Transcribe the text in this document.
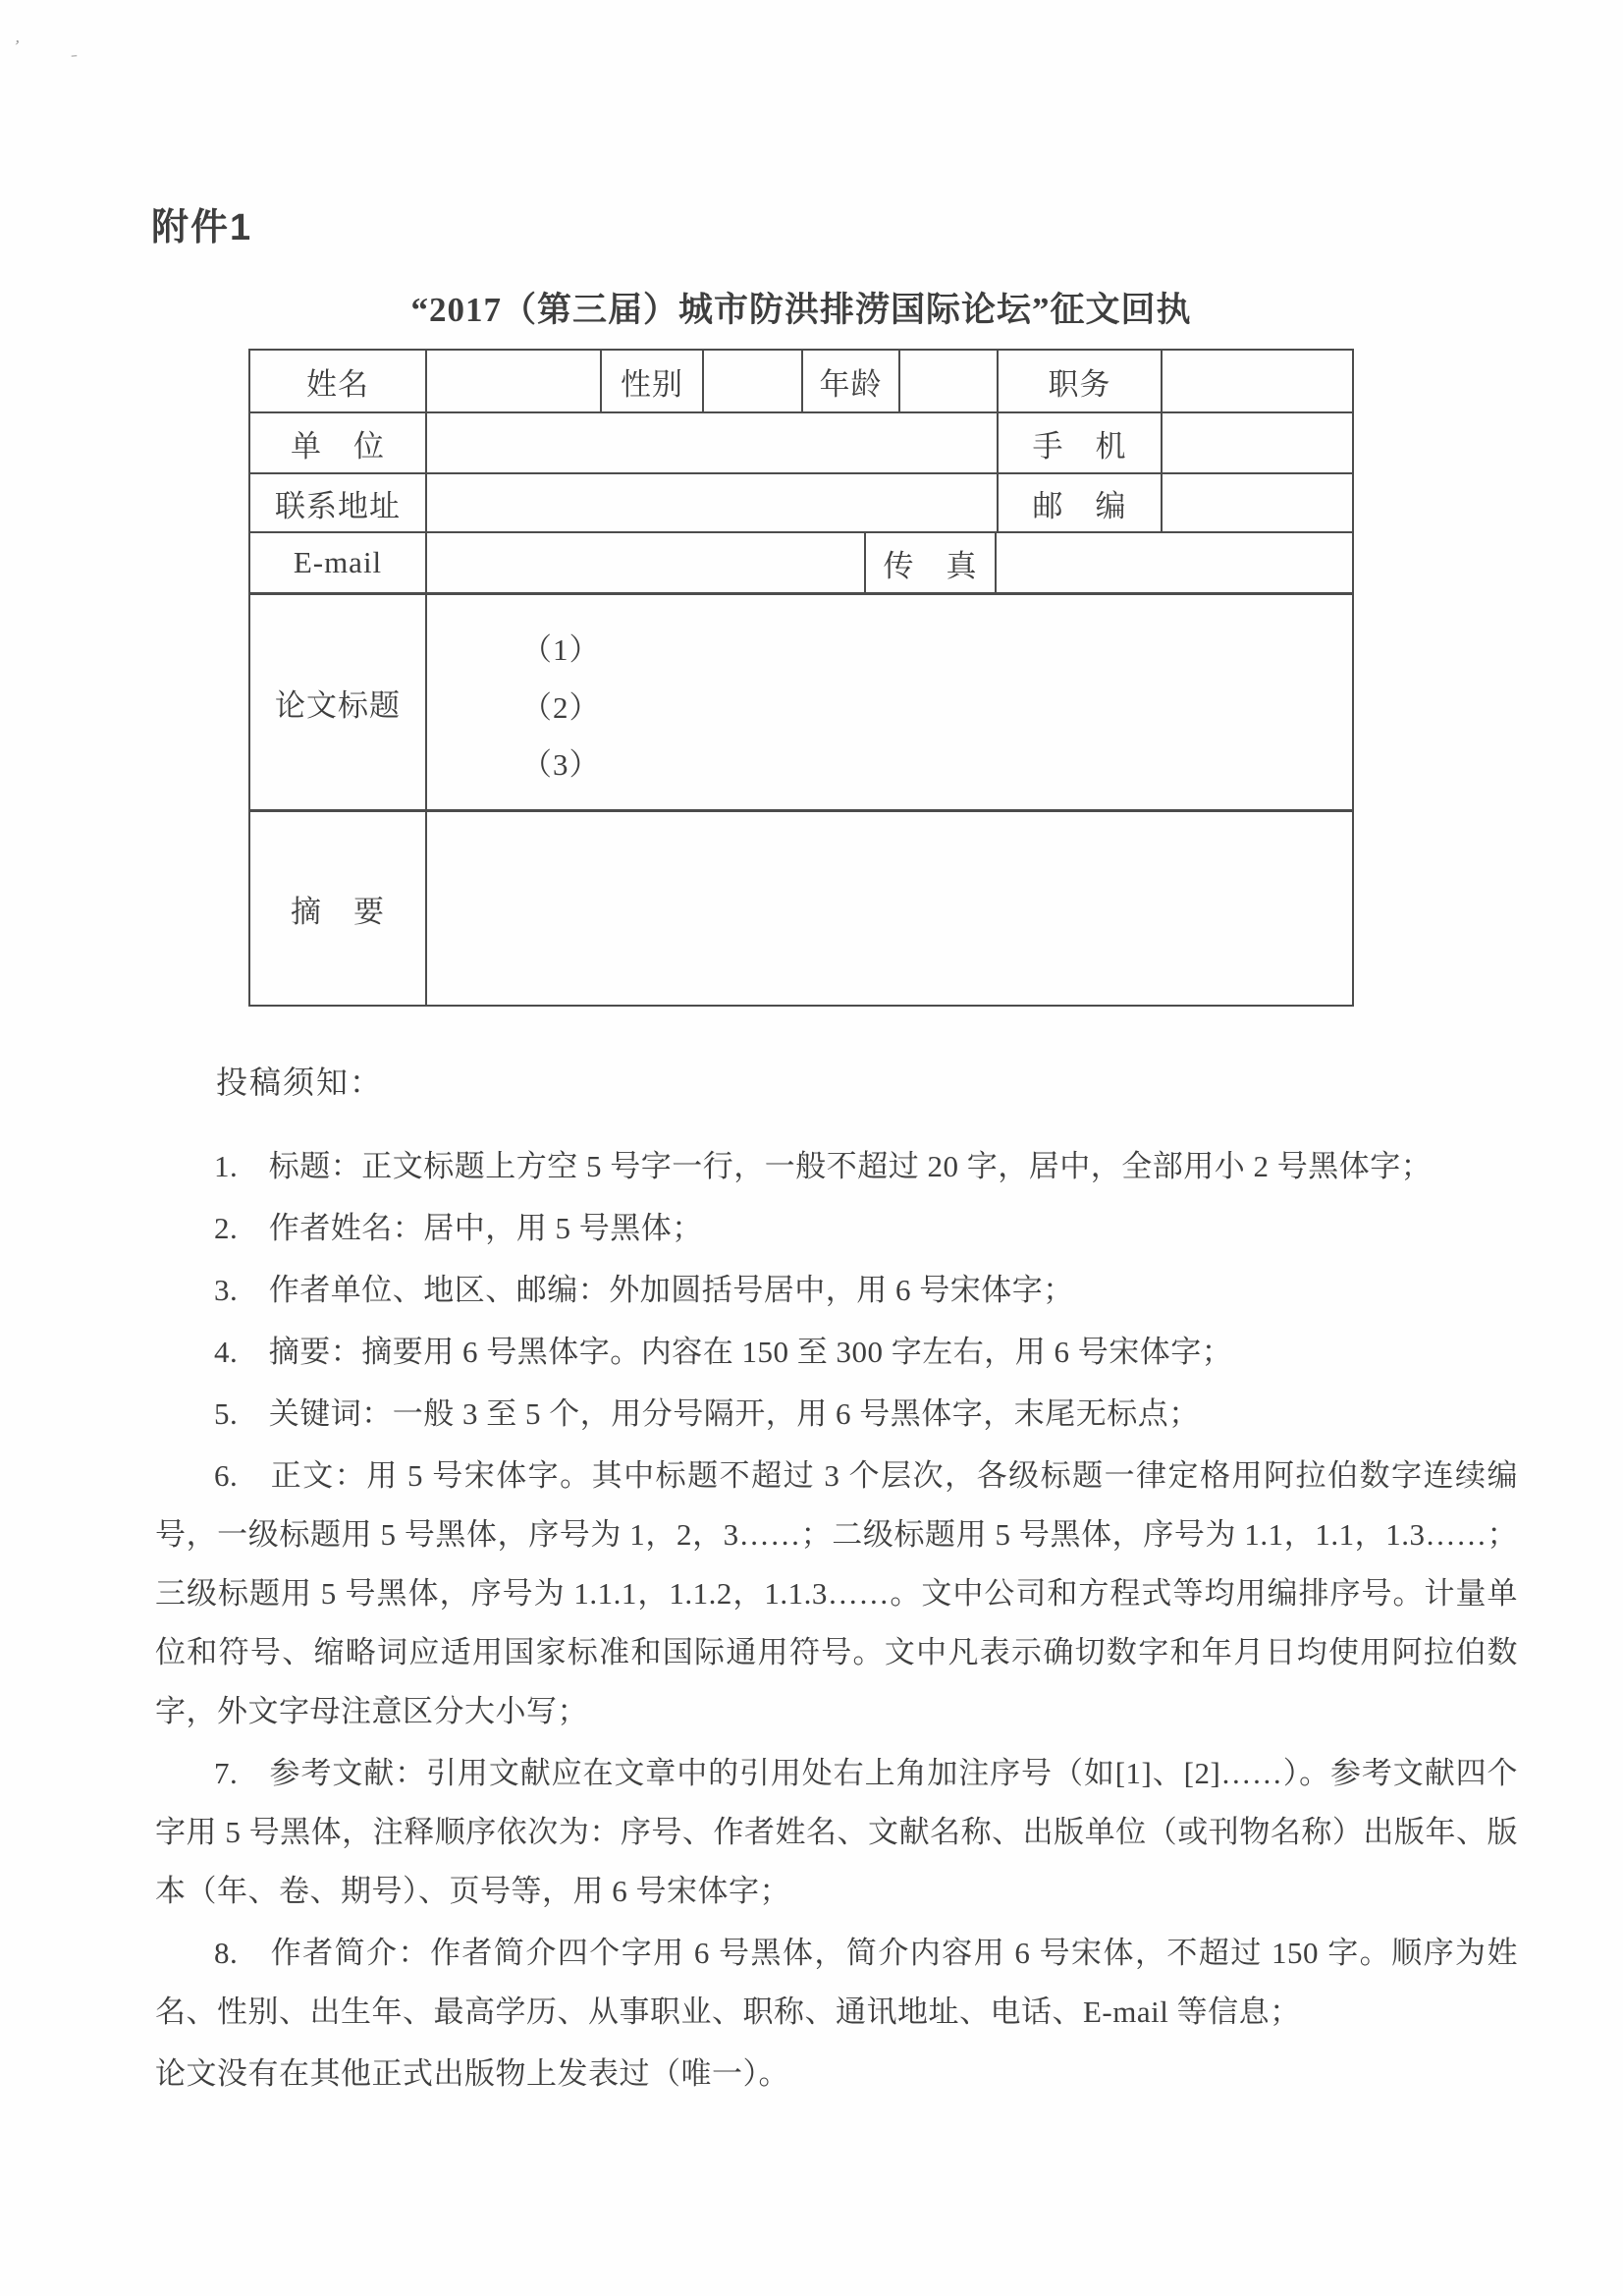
’	ˍ
附件1
“2017（第三届）城市防洪排涝国际论坛”征文回执
姓名	性别	年龄	职务
单　位	手　机
联系地址	邮　编
E-mail	传　真
论文标题
（1）
（2）
（3）
摘　要
投稿须知：

1.　标题：正文标题上方空 5 号字一行，一般不超过 20 字，居中，全部用小 2 号黑体字；

2.　作者姓名：居中，用 5 号黑体；

3.　作者单位、地区、邮编：外加圆括号居中，用 6 号宋体字；

4.　摘要：摘要用 6 号黑体字。内容在 150 至 300 字左右，用 6 号宋体字；

5.　关键词：一般 3 至 5 个，用分号隔开，用 6 号黑体字，末尾无标点；

6.　正文：用 5 号宋体字。其中标题不超过 3 个层次，各级标题一律定格用阿拉伯数字连续编号，一级标题用 5 号黑体，序号为 1，2，3……；二级标题用 5 号黑体，序号为 1.1，1.1，1.3……；三级标题用 5 号黑体，序号为 1.1.1，1.1.2，1.1.3……。文中公司和方程式等均用编排序号。计量单位和符号、缩略词应适用国家标准和国际通用符号。文中凡表示确切数字和年月日均使用阿拉伯数字，外文字母注意区分大小写；

7.　参考文献：引用文献应在文章中的引用处右上角加注序号（如[1]、[2]……）。参考文献四个字用 5 号黑体，注释顺序依次为：序号、作者姓名、文献名称、出版单位（或刊物名称）出版年、版本（年、卷、期号）、页号等，用 6 号宋体字；

8.　作者简介：作者简介四个字用 6 号黑体，简介内容用 6 号宋体，不超过 150 字。顺序为姓名、性别、出生年、最高学历、从事职业、职称、通讯地址、电话、E-mail 等信息；

论文没有在其他正式出版物上发表过（唯一）。
